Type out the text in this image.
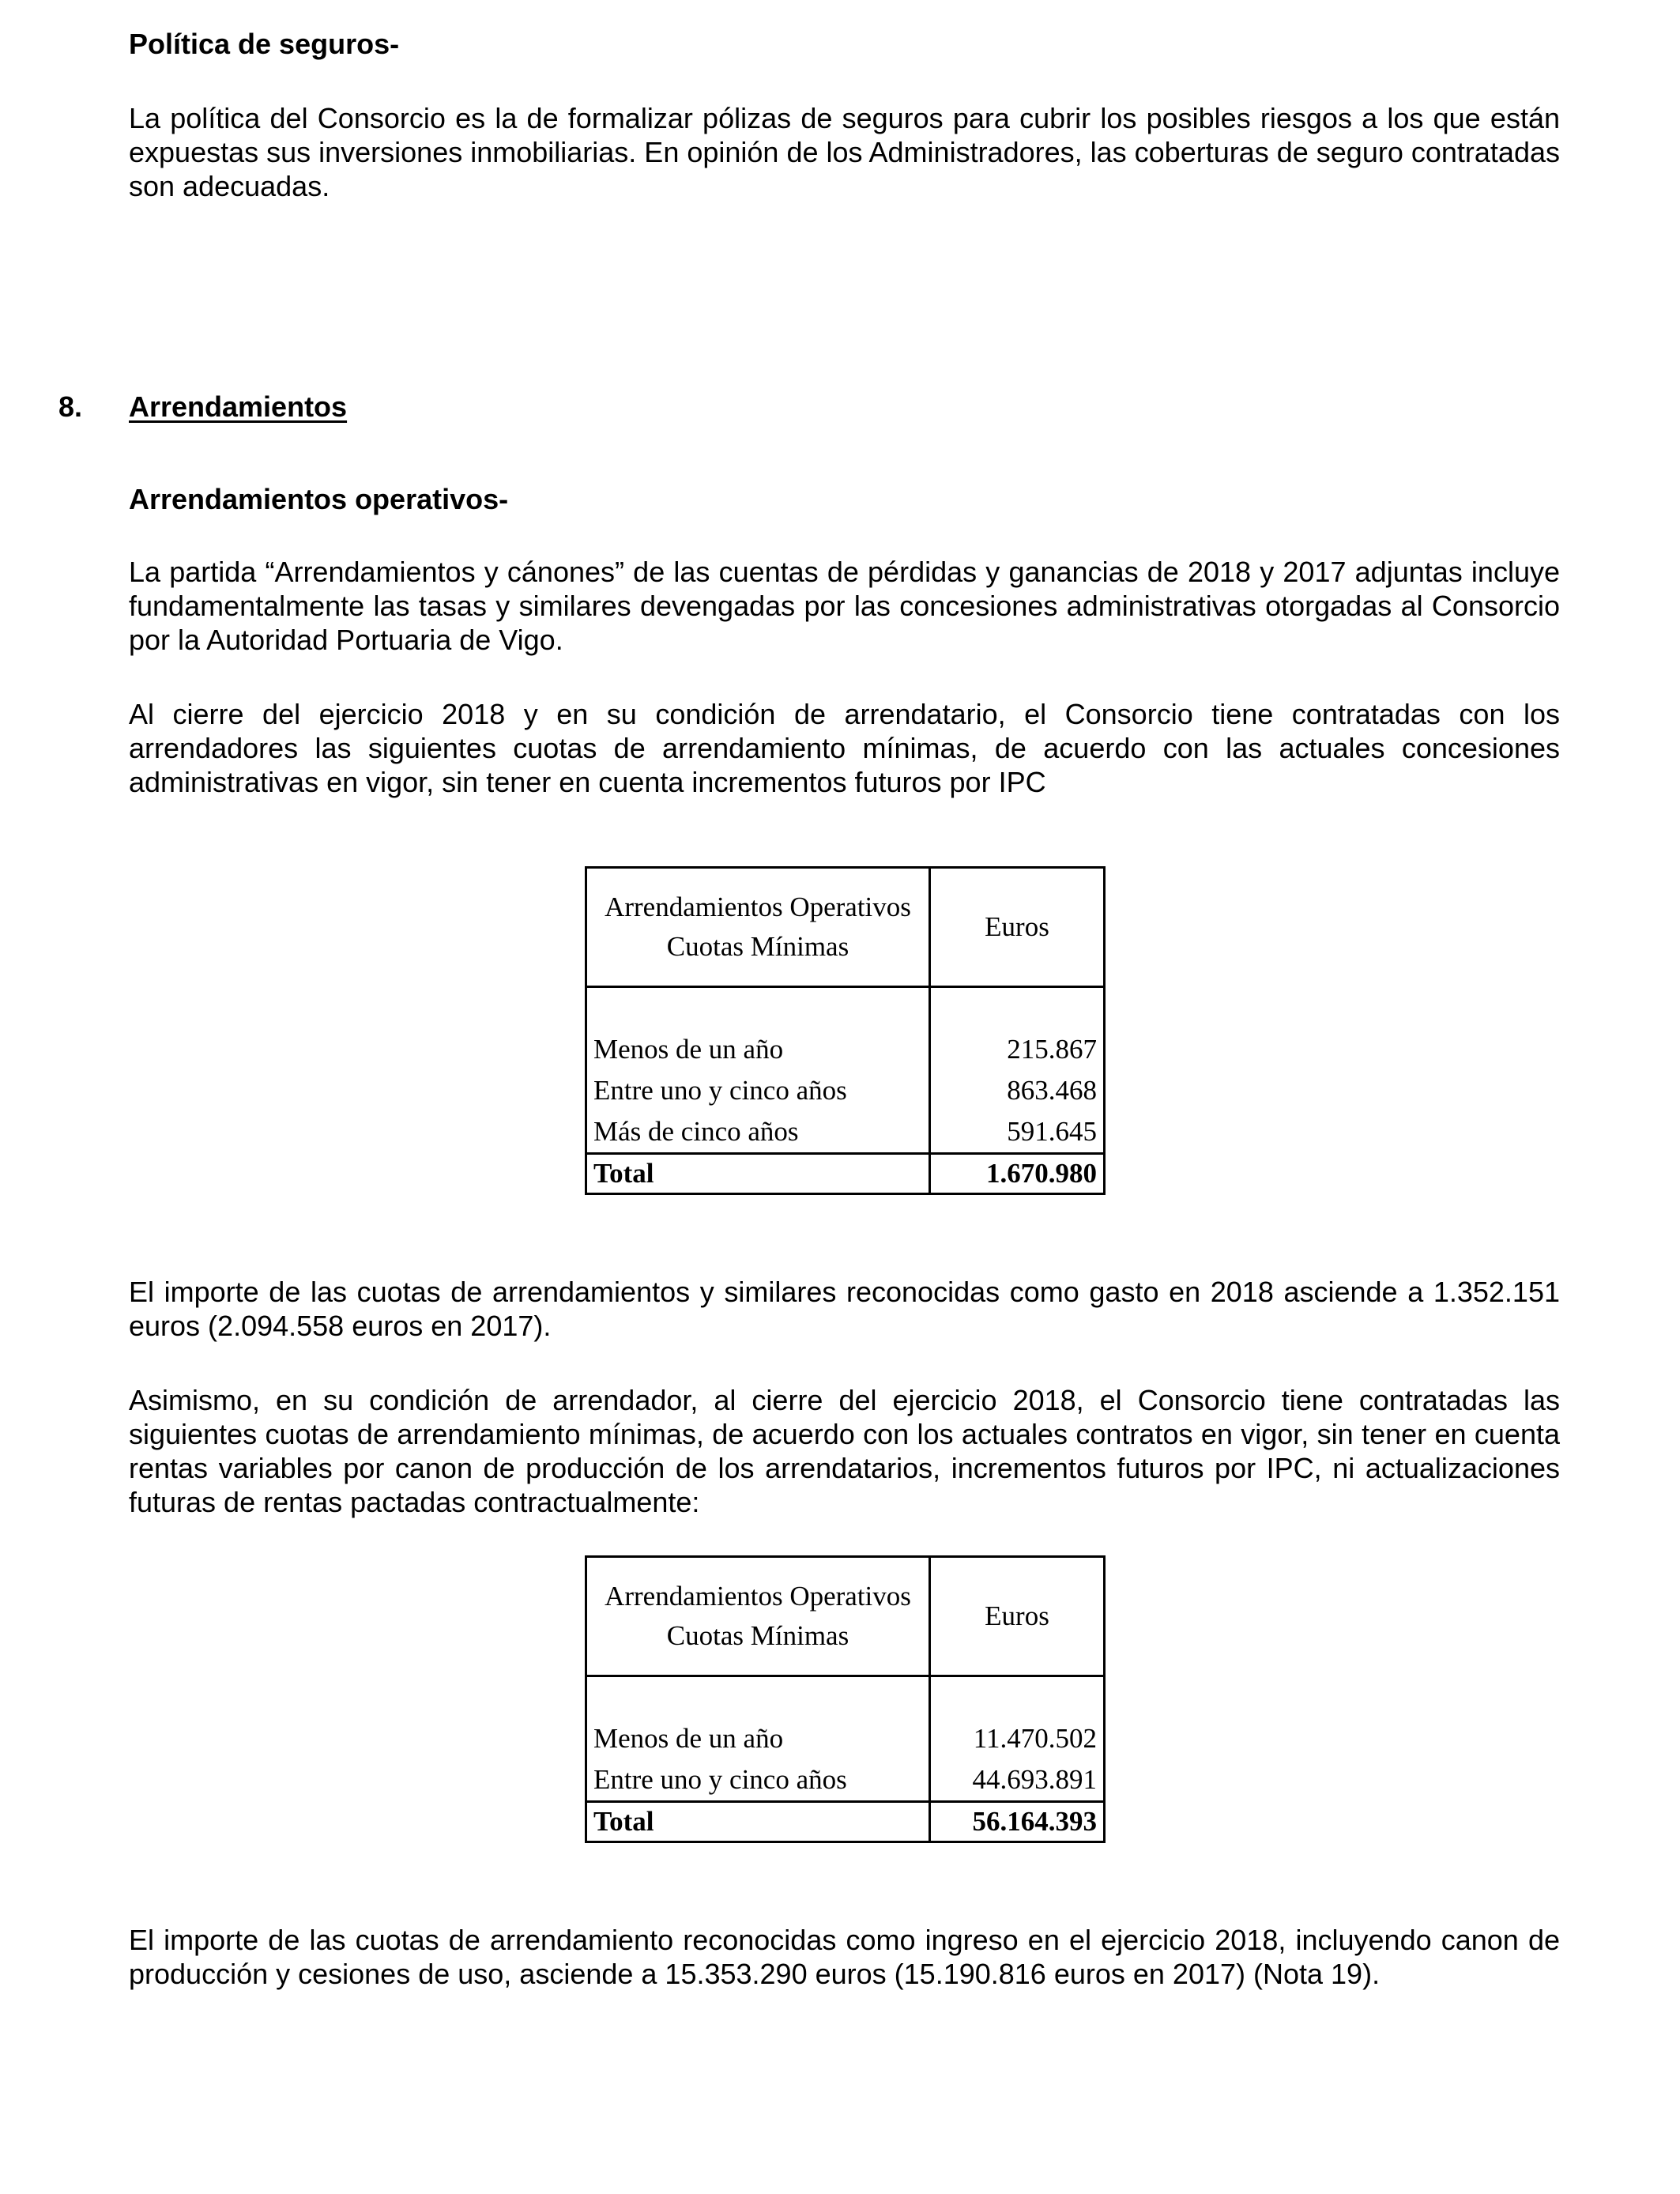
Política de seguros-

La política del Consorcio es la de formalizar pólizas de seguros para cubrir los posibles riesgos a los que están expuestas sus inversiones inmobiliarias. En opinión de los Administradores, las coberturas de seguro contratadas son adecuadas.

8. Arrendamientos
Arrendamientos operativos-

La partida “Arrendamientos y cánones” de las cuentas de pérdidas y ganancias de 2018 y 2017 adjuntas incluye fundamentalmente las tasas y similares devengadas por las concesiones administrativas otorgadas al Consorcio por la Autoridad Portuaria de Vigo.

Al cierre del ejercicio 2018 y en su condición de arrendatario, el Consorcio tiene contratadas con los arrendadores las siguientes cuotas de arrendamiento mínimas, de acuerdo con las actuales concesiones administrativas en vigor, sin tener en cuenta incrementos futuros por IPC

Arrendamientos Operativos
Cuotas Mínimas	Euros

Menos de un año	215.867
Entre uno y cinco años	863.468
Más de cinco años	591.645
Total	1.670.980

El importe de las cuotas de arrendamientos y similares reconocidas como gasto en 2018 asciende a 1.352.151 euros (2.094.558 euros en 2017).

Asimismo, en su condición de arrendador, al cierre del ejercicio 2018, el Consorcio tiene contratadas las siguientes cuotas de arrendamiento mínimas, de acuerdo con los actuales contratos en vigor, sin tener en cuenta rentas variables por canon de producción de los arrendatarios, incrementos futuros por IPC, ni actualizaciones futuras de rentas pactadas contractualmente:

Arrendamientos Operativos
Cuotas Mínimas	Euros

Menos de un año	11.470.502
Entre uno y cinco años	44.693.891
Total	56.164.393

El importe de las cuotas de arrendamiento reconocidas como ingreso en el ejercicio 2018, incluyendo canon de producción y cesiones de uso, asciende a 15.353.290 euros (15.190.816 euros en 2017) (Nota 19).
